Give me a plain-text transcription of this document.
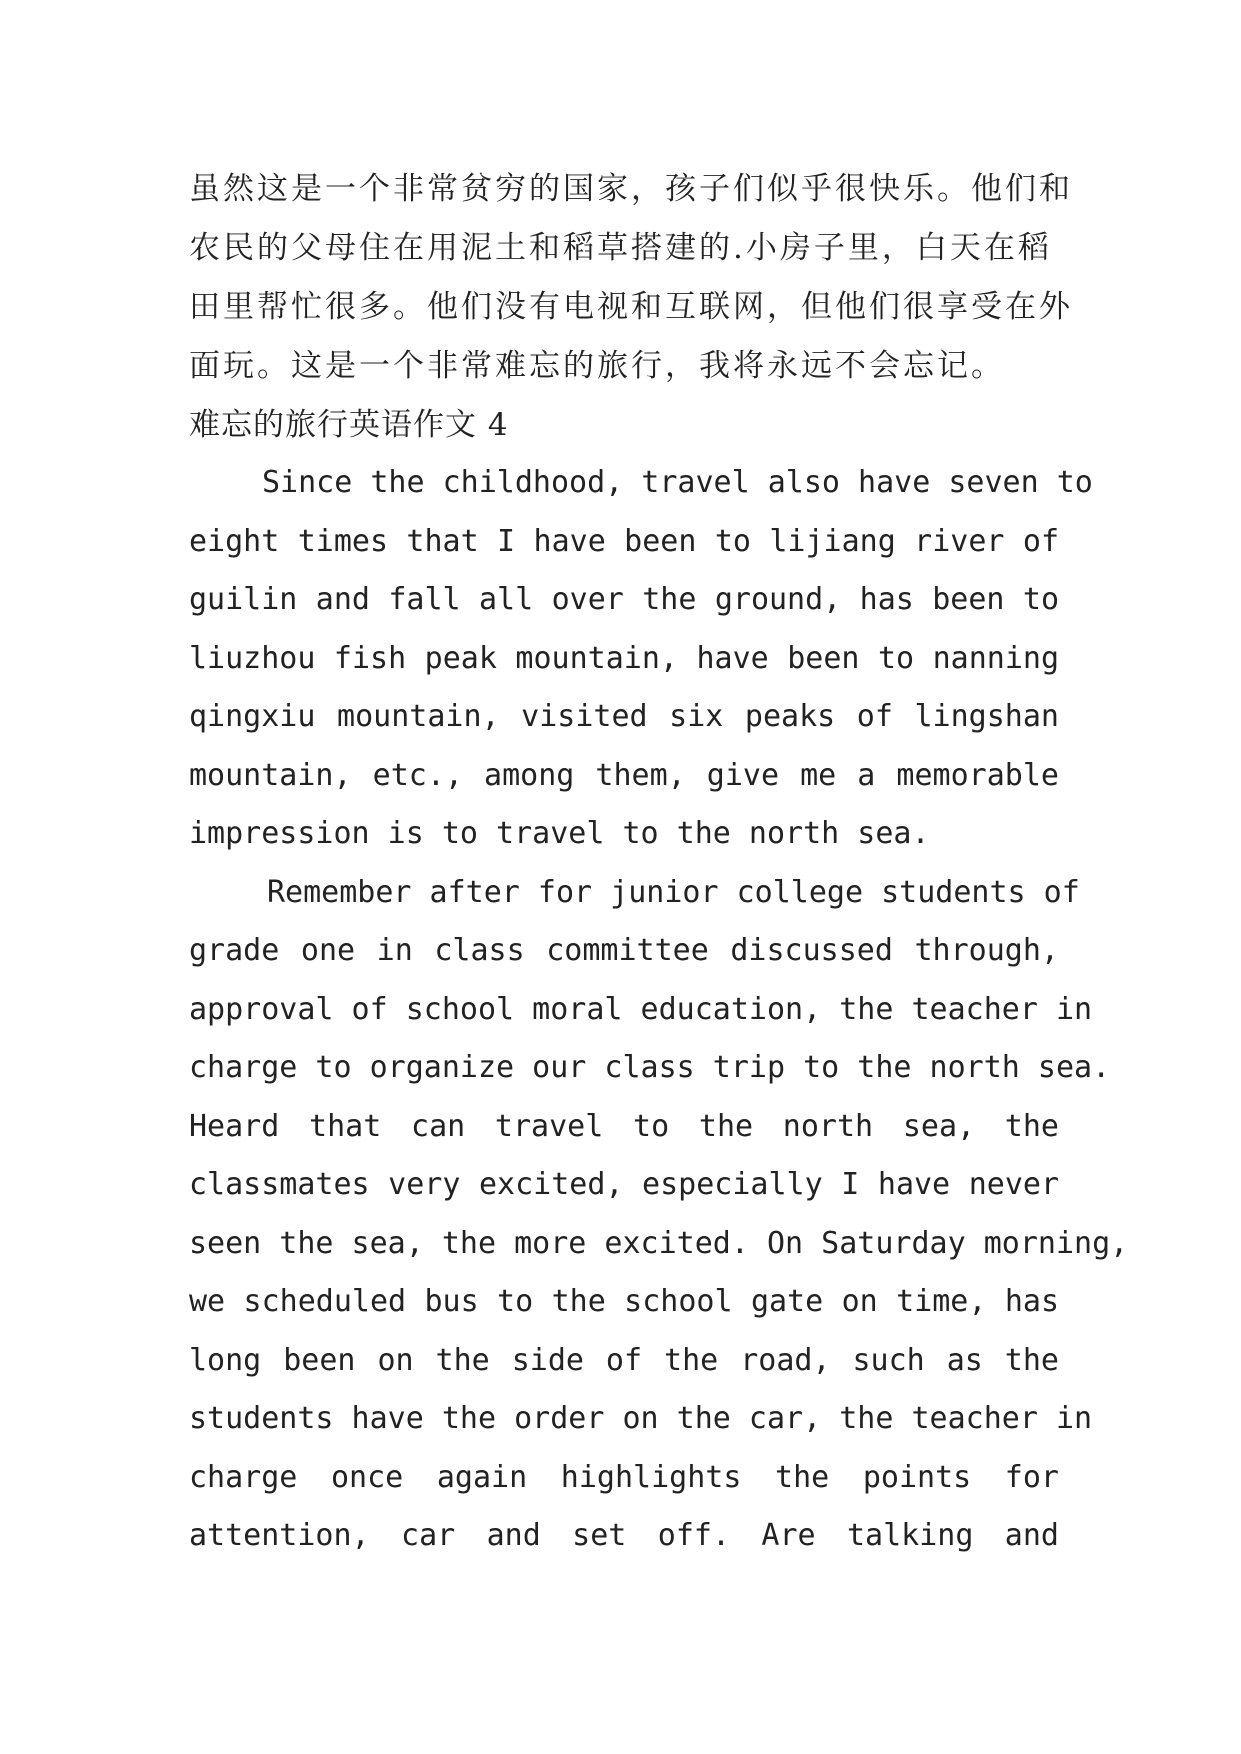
虽然这是一个非常贫穷的国家，孩子们似乎很快乐。他们和
农民的父母住在用泥土和稻草搭建的.小房子里，白天在稻
田里帮忙很多。他们没有电视和互联网，但他们很享受在外
面玩。这是一个非常难忘的旅行，我将永远不会忘记。
难忘的旅行英语作文 4
Since the childhood, travel also have seven to
eight times that I have been to lijiang river of
guilin and fall all over the ground, has been to
liuzhou fish peak mountain, have been to nanning
qingxiu mountain, visited six peaks of lingshan
mountain, etc., among them, give me a memorable
impression is to travel to the north sea.
Remember after for junior college students of
grade one in class committee discussed through,
approval of school moral education, the teacher in
charge to organize our class trip to the north sea.
Heard that can travel to the north sea, the
classmates very excited, especially I have never
seen the sea, the more excited. On Saturday morning,
we scheduled bus to the school gate on time, has
long been on the side of the road, such as the
students have the order on the car, the teacher in
charge once again highlights the points for
attention, car and set off. Are talking and
